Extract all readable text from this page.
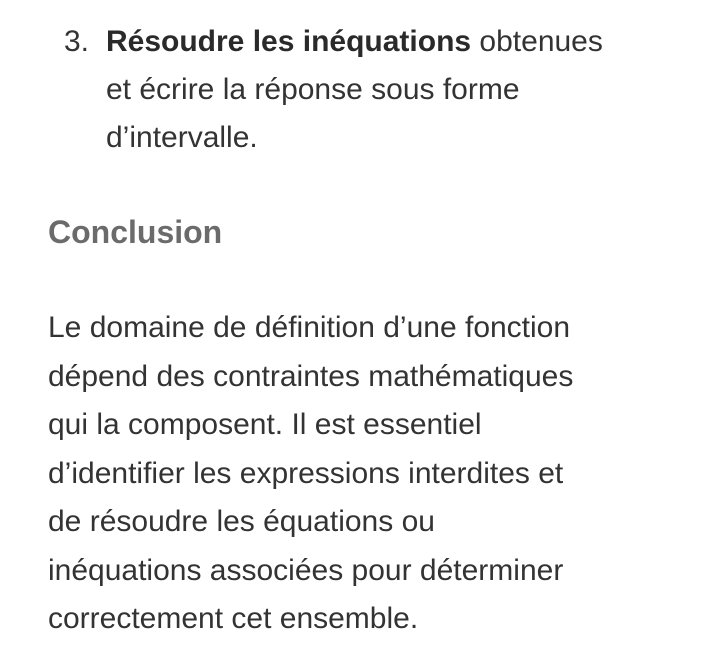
3. Résoudre les inéquations obtenues
et écrire la réponse sous forme
d’intervalle.
Conclusion

Le domaine de définition d’une fonction
dépend des contraintes mathématiques
qui la composent. Il est essentiel
d’identifier les expressions interdites et
de résoudre les équations ou
inéquations associées pour déterminer
correctement cet ensemble.
